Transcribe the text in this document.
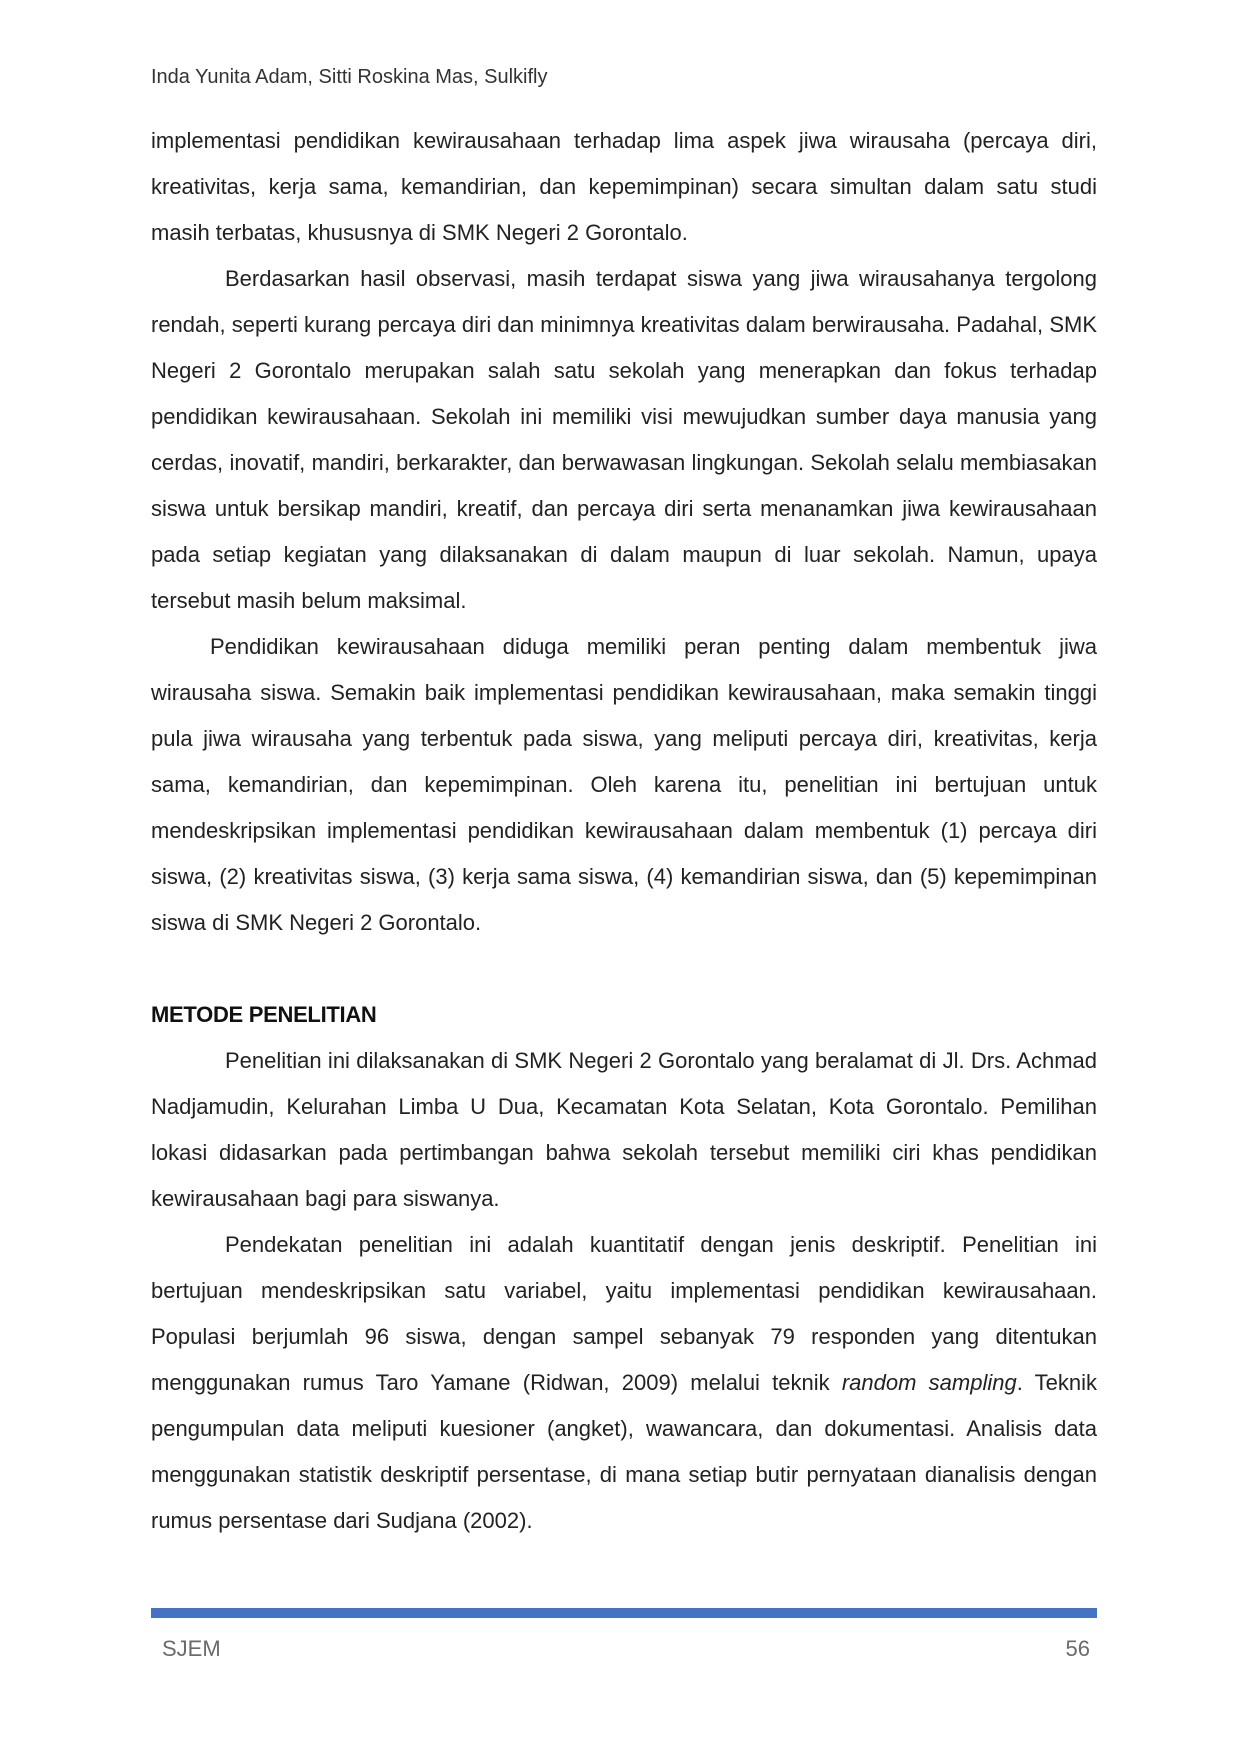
Inda Yunita Adam, Sitti Roskina Mas, Sulkifly

implementasi pendidikan kewirausahaan terhadap lima aspek jiwa wirausaha (percaya diri, kreativitas, kerja sama, kemandirian, dan kepemimpinan) secara simultan dalam satu studi masih terbatas, khususnya di SMK Negeri 2 Gorontalo.

Berdasarkan hasil observasi, masih terdapat siswa yang jiwa wirausahanya tergolong rendah, seperti kurang percaya diri dan minimnya kreativitas dalam berwirausaha. Padahal, SMK Negeri 2 Gorontalo merupakan salah satu sekolah yang menerapkan dan fokus terhadap pendidikan kewirausahaan. Sekolah ini memiliki visi mewujudkan sumber daya manusia yang cerdas, inovatif, mandiri, berkarakter, dan berwawasan lingkungan. Sekolah selalu membiasakan siswa untuk bersikap mandiri, kreatif, dan percaya diri serta menanamkan jiwa kewirausahaan pada setiap kegiatan yang dilaksanakan di dalam maupun di luar sekolah. Namun, upaya tersebut masih belum maksimal.

Pendidikan kewirausahaan diduga memiliki peran penting dalam membentuk jiwa wirausaha siswa. Semakin baik implementasi pendidikan kewirausahaan, maka semakin tinggi pula jiwa wirausaha yang terbentuk pada siswa, yang meliputi percaya diri, kreativitas, kerja sama, kemandirian, dan kepemimpinan. Oleh karena itu, penelitian ini bertujuan untuk mendeskripsikan implementasi pendidikan kewirausahaan dalam membentuk (1) percaya diri siswa, (2) kreativitas siswa, (3) kerja sama siswa, (4) kemandirian siswa, dan (5) kepemimpinan siswa di SMK Negeri 2 Gorontalo.

METODE PENELITIAN

Penelitian ini dilaksanakan di SMK Negeri 2 Gorontalo yang beralamat di Jl. Drs. Achmad Nadjamudin, Kelurahan Limba U Dua, Kecamatan Kota Selatan, Kota Gorontalo. Pemilihan lokasi didasarkan pada pertimbangan bahwa sekolah tersebut memiliki ciri khas pendidikan kewirausahaan bagi para siswanya.

Pendekatan penelitian ini adalah kuantitatif dengan jenis deskriptif. Penelitian ini bertujuan mendeskripsikan satu variabel, yaitu implementasi pendidikan kewirausahaan. Populasi berjumlah 96 siswa, dengan sampel sebanyak 79 responden yang ditentukan menggunakan rumus Taro Yamane (Ridwan, 2009) melalui teknik random sampling. Teknik pengumpulan data meliputi kuesioner (angket), wawancara, dan dokumentasi. Analisis data menggunakan statistik deskriptif persentase, di mana setiap butir pernyataan dianalisis dengan rumus persentase dari Sudjana (2002).

SJEM	56
